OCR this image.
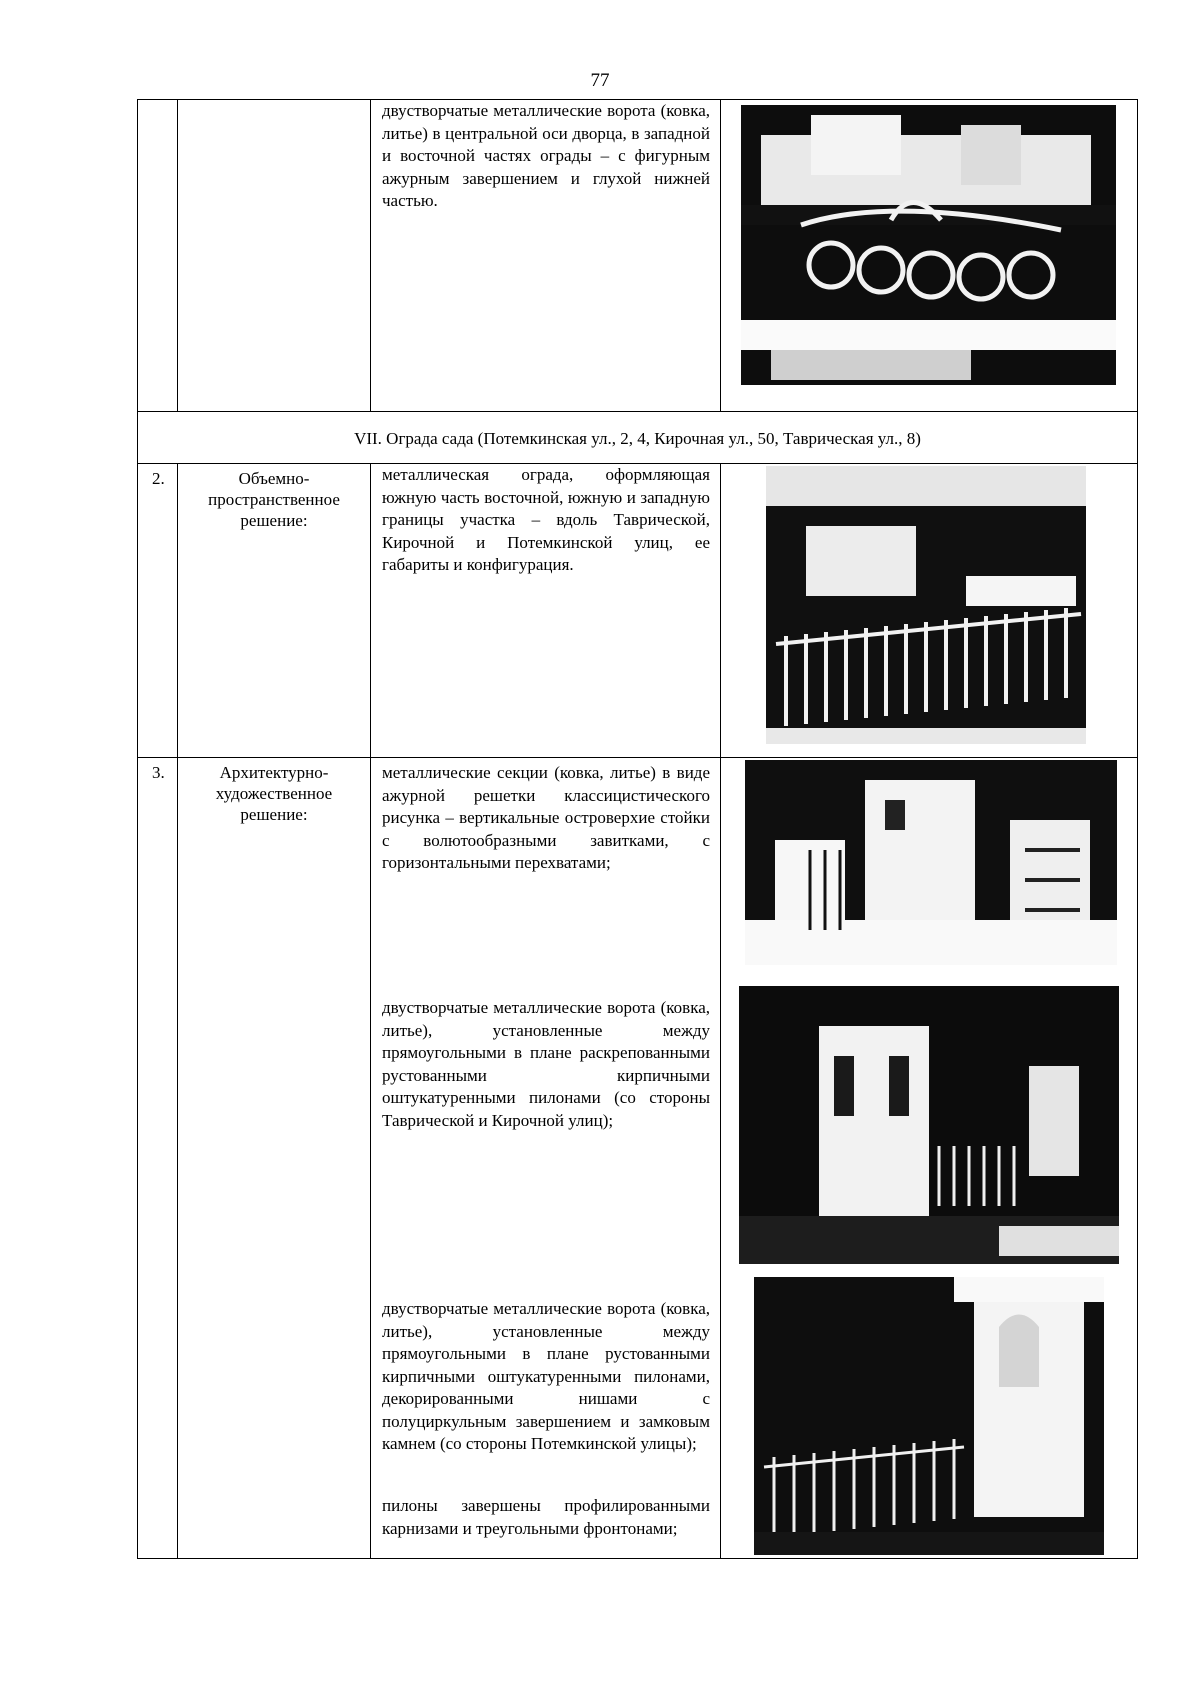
77

		двустворчатые металлические ворота (ковка, литье) в центральной оси дворца, в западной и восточной частях ограды – с фигурным ажурным завершением и глухой нижней частью.

VII. Ограда сада (Потемкинская ул., 2, 4, Кирочная ул., 50, Таврическая ул., 8)			

2.	Объемно-пространственное решение:	металлическая ограда, оформляющая южную часть восточной, южную и западную границы участка – вдоль Таврической, Кирочной и Потемкинской улиц, ее габариты и конфигурация.

3.	Архитектурно-художественное решение:	металлические секции (ковка, литье) в виде ажурной решетки классицистического рисунка – вертикальные островерхие стойки с волютообразными завитками, с горизонтальными перехватами;
двустворчатые металлические ворота (ковка, литье), установленные между прямоугольными в плане раскрепованными рустованными кирпичными оштукатуренными пилонами (со стороны Таврической и Кирочной улиц);
двустворчатые металлические ворота (ковка, литье), установленные между прямоугольными в плане рустованными кирпичными оштукатуренными пилонами, декорированными нишами с полуциркульным завершением и замковым камнем (со стороны Потемкинской улицы);
пилоны завершены профилированными карнизами и треугольными фронтонами;
